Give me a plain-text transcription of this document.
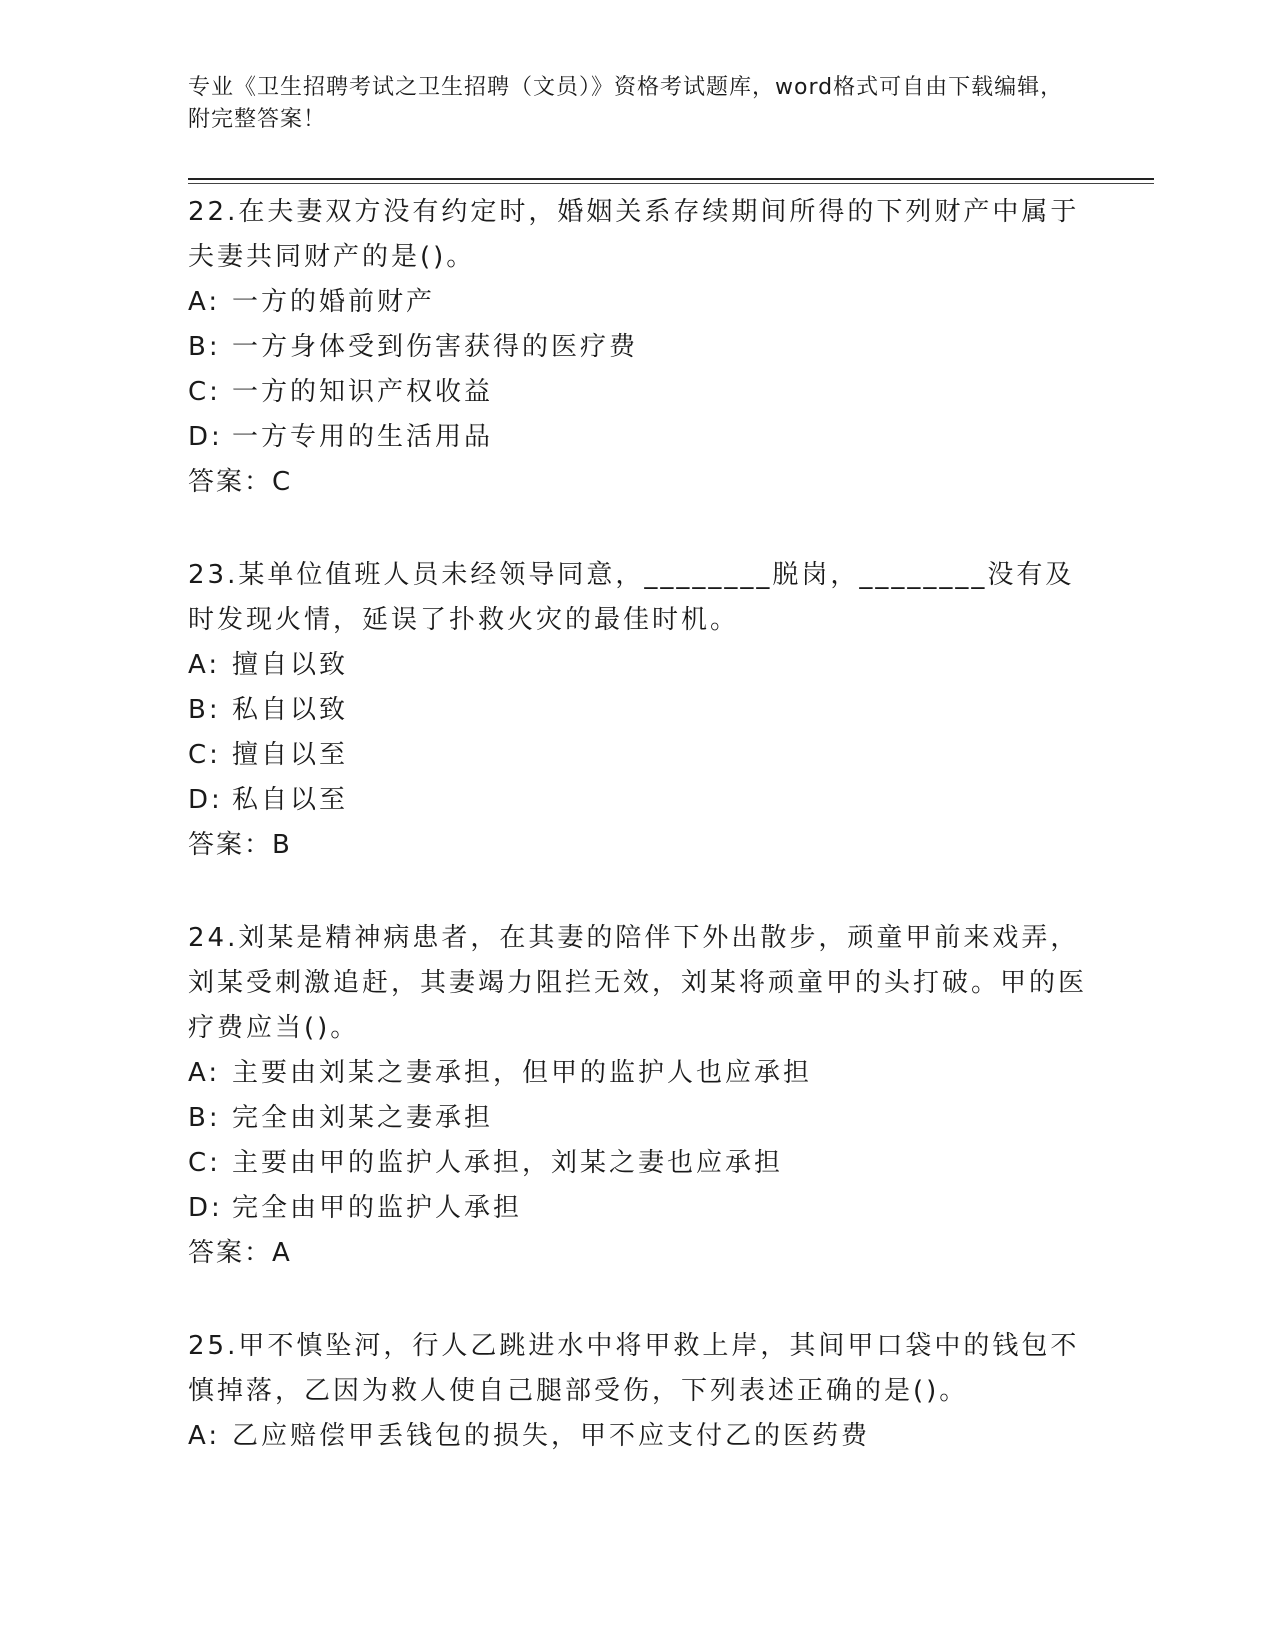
专业《卫生招聘考试之卫生招聘（文员）》资格考试题库，word格式可自由下载编辑，附完整答案！

22.在夫妻双方没有约定时，婚姻关系存续期间所得的下列财产中属于夫妻共同财产的是()。

A: 一方的婚前财产
B: 一方身体受到伤害获得的医疗费
C: 一方的知识产权收益
D: 一方专用的生活用品
答案： C

23.某单位值班人员未经领导同意，________脱岗，________没有及时发现火情，延误了扑救火灾的最佳时机。

A: 擅自以致
B: 私自以致
C: 擅自以至
D: 私自以至
答案： B

24.刘某是精神病患者，在其妻的陪伴下外出散步，顽童甲前来戏弄，刘某受刺激追赶，其妻竭力阻拦无效，刘某将顽童甲的头打破。甲的医疗费应当()。

A: 主要由刘某之妻承担，但甲的监护人也应承担
B: 完全由刘某之妻承担
C: 主要由甲的监护人承担，刘某之妻也应承担
D: 完全由甲的监护人承担
答案： A

25.甲不慎坠河，行人乙跳进水中将甲救上岸，其间甲口袋中的钱包不慎掉落，乙因为救人使自己腿部受伤，下列表述正确的是()。

A: 乙应赔偿甲丢钱包的损失，甲不应支付乙的医药费
